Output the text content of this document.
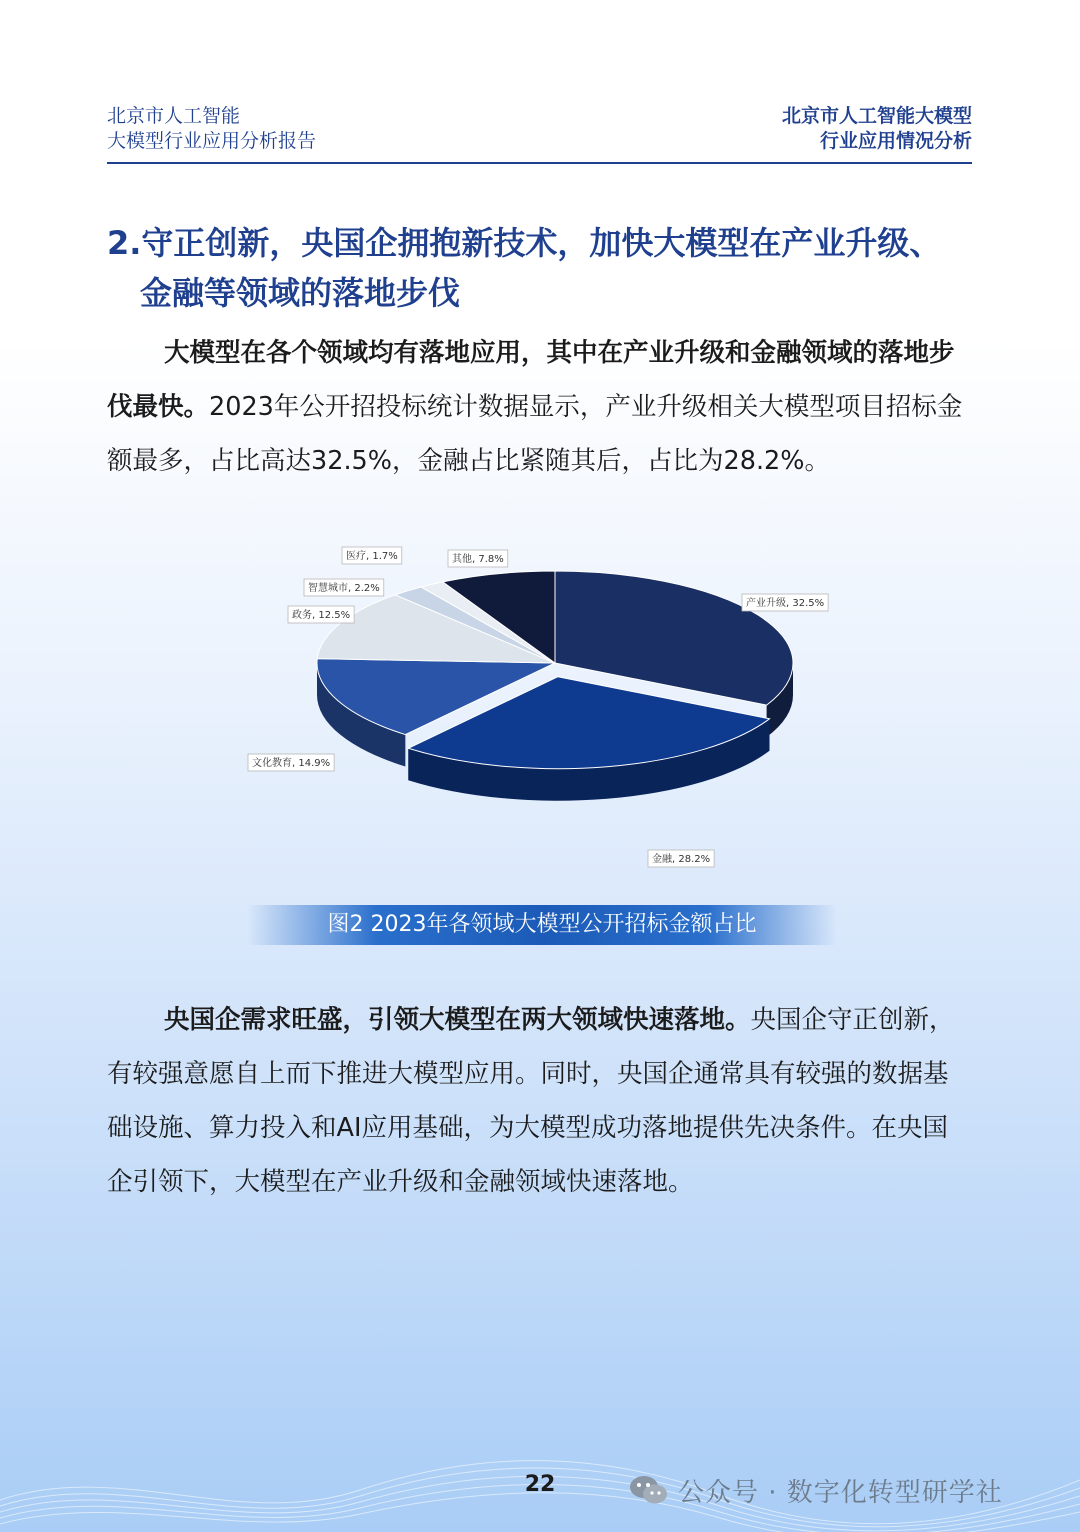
北京市人工智能
大模型行业应用分析报告
北京市人工智能大模型
行业应用情况分析
2.守正创新，央国企拥抱新技术，加快大模型在产业升级、
金融等领域的落地步伐
大模型在各个领域均有落地应用，其中在产业升级和金融领域的落地步伐最快。2023年公开招投标统计数据显示，产业升级相关大模型项目招标金额最多，占比高达32.5%，金融占比紧随其后，占比为28.2%。
产业升级, 32.5%
金融, 28.2%
文化教育, 14.9%
政务, 12.5%
智慧城市, 2.2%
医疗, 1.7%	其他, 7.8%
图2 2023年各领域大模型公开招标金额占比
央国企需求旺盛，引领大模型在两大领域快速落地。央国企守正创新，有较强意愿自上而下推进大模型应用。同时，央国企通常具有较强的数据基础设施、算力投入和AI应用基础，为大模型成功落地提供先决条件。在央国企引领下，大模型在产业升级和金融领域快速落地。
22	公众号 · 数字化转型研学社
